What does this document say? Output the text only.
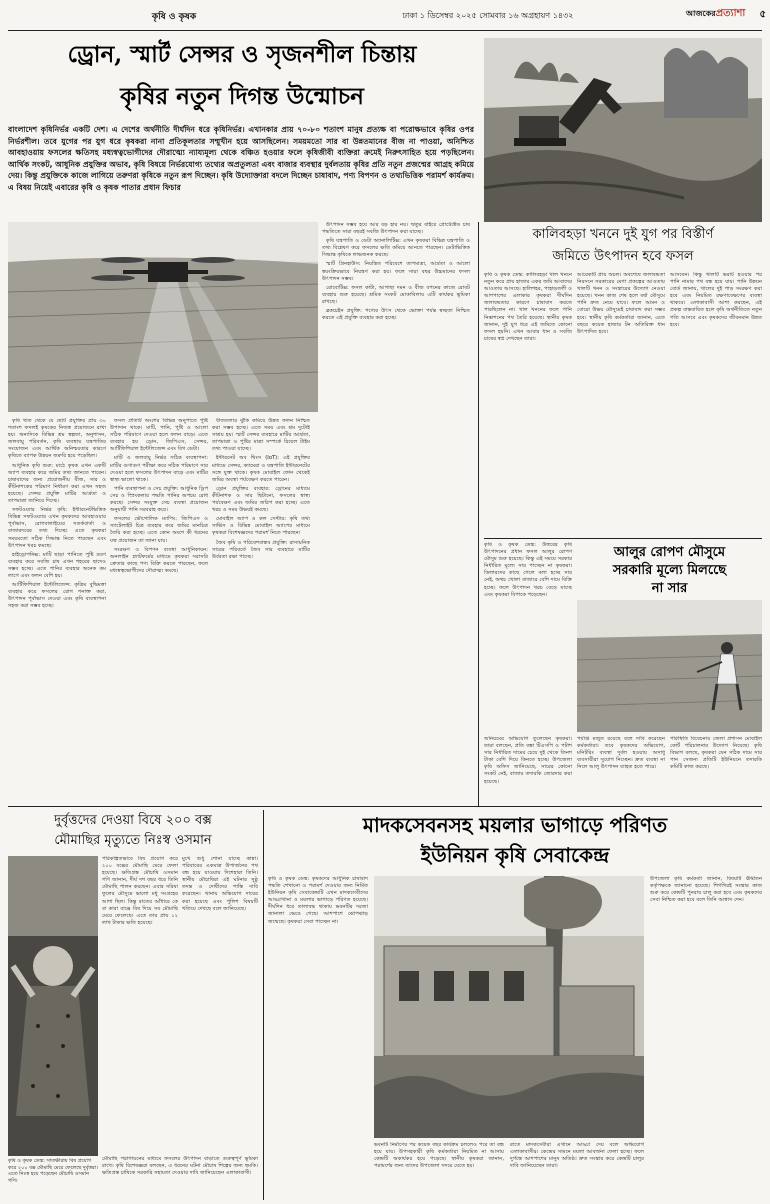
কৃষি ও কৃষক	ঢাকা ১ ডিসেম্বর ২০২৫ সোমবার ১৬ অগ্রহায়ণ ১৪৩২	আজকেরপ্রত্যাশা	৫
ড্রোন, স্মার্ট সেন্সর ও সৃজনশীল চিন্তায়
কৃষির নতুন দিগন্ত উন্মোচন
বাংলাদেশ কৃষিনির্ভর একটি দেশ। এ দেশের অর্থনীতি দীর্ঘদিন ধরে কৃষিনির্ভর। এখানকার প্রায় ৭০-৮০ শতাংশ মানুষ প্রত্যক্ষ বা পরোক্ষভাবে কৃষির ওপর নির্ভরশীল। তবে যুগের পর যুগ ধরে কৃষকরা নানা প্রতিকূলতার সম্মুখীন হয়ে আসছিলেন। সময়মতো সার বা উন্নতমানের বীজ না পাওয়া, অনিশ্চিত আবহাওয়ায় ফসলের ক্ষতিসহ মধ্যস্বত্বভোগীদের দৌরাত্ম্যে ন্যায্যমূল্য থেকে বঞ্চিত হওয়ার ফলে কৃষিজীবী ব্যক্তিরা ক্রমেই নিরুৎসাহিত হয়ে পড়ছিলেন। আর্থিক সংকট, আধুনিক প্রযুক্তির অভাব, কৃষি বিষয়ে নির্ভরযোগ্য তথ্যের অপ্রতুলতা এবং বাজার ব্যবস্থার দুর্বলতায় কৃষির প্রতি নতুন প্রজন্মের আগ্রহ কমিয়ে দেয়। কিন্তু প্রযুক্তিকে কাজে লাগিয়ে তরুণরা কৃষিকে নতুন রূপ দিচ্ছেন। কৃষি উদ্যোক্তারা বদলে দিচ্ছেন চাষাবাদ, পণ্য বিপণন ও তথ্যভিত্তিক পরামর্শ কার্যক্রম। এ বিষয় নিয়েই এবারের কৃষি ও কৃষক পাতার প্রধান ফিচার

কৃষি খাত থেকে যে ছোট প্রযুক্তির প্রায় ৩০ শতাংশ ফসলই কৃষকের নিজস্ব প্রয়োজনে রাখা হয়। অন্যদিকে বিভিন্ন শ্রম স্বল্পতা, অনুশাসন, জলবায়ু পরিবর্তন, কৃষি ব্যবস্থায় যন্ত্রপাতির সংযোজন এবং আর্থিক অনিশ্চয়তার কারণে কৃষিতে ব্যাপক উন্নয়ন জরুরি হয়ে পড়েছিল।

আধুনিক কৃষি শুরু: মাঠে কৃষক এখন একটি অ্যাপ ব্যবহার করে জমির তথ্য জানতে পারেন। চাষাবাদের জন্য প্রয়োজনীয় বীজ, সার ও কীটনাশকের পরিমাণ নির্ধারণ করা এখন সহজ হয়েছে। সেন্সর প্রযুক্তি মাটির আর্দ্রতা ও তাপমাত্রা জানিয়ে দিচ্ছে।

সফটওয়্যার নির্ভর কৃষি: ইন্টারনেটভিত্তিক বিভিন্ন সফটওয়্যার এখন কৃষকদের আবহাওয়ার পূর্বাভাস, রোগবালাইয়ের সতর্কবার্তা ও বাজারদরের তথ্য দিচ্ছে। এতে কৃষকরা সময়মতো সঠিক সিদ্ধান্ত নিতে পারছেন এবং উৎপাদন খরচ কমছে।

হাইড্রোপনিক্স: মাটি ছাড়া পানিতে পুষ্টি দ্রবণ ব্যবহার করে সবজি চাষ এখন শহরের ছাদেও সম্ভব হচ্ছে। এতে পানির ব্যবহার অনেক কম লাগে এবং ফলন বেশি হয়।

আর্টিফিশিয়াল ইন্টেলিজেন্স: কৃত্রিম বুদ্ধিমত্তা ব্যবহার করে ফসলের রোগ শনাক্ত করা, উৎপাদন পূর্বাভাস দেওয়া এবং কৃষি ব্যবস্থাপনা সহজ করা সম্ভব হচ্ছে।

ফসল প্রতিটি অংশের বিভিন্ন অনুপাতে পুষ্টি উপাদান থাকে। মাটি, পানি, পুষ্টি ও আলো সঠিক পরিমাণে দেওয়া হলে ফলন বাড়ে। এতে ব্যবহার হয় ড্রোন, জিপিএস, সেন্সর, আর্টিফিশিয়াল ইন্টেলিজেন্স এবং বিগ ডেটা।

মাটি ও জলবায়ু নির্ভর সঠিক ব্যবস্থাপনা: মাটির গুণাগুণ পরীক্ষা করে সঠিক পরিমাণে সার দেওয়া হলে ফসলের উৎপাদন বাড়ে এবং মাটির স্বাস্থ্য ভালো থাকে।

পানি ব্যবস্থাপনা ও সেচ প্রযুক্তি: আধুনিক ড্রিপ সেচ ও স্প্রিংকলার পদ্ধতি পানির অপচয় রোধ করছে। সেন্সর সংযুক্ত সেচ ব্যবস্থা প্রয়োজন অনুযায়ী পানি সরবরাহ করে।

ফসলের ভৌগোলিক ম্যাপিং: জিপিএস ও স্যাটেলাইট চিত্র ব্যবহার করে জমির মানচিত্র তৈরি করা হচ্ছে। এতে কোন অংশে কী ধরনের যত্ন প্রয়োজন তা জানা যায়।

সংরক্ষণ ও বিপণন ব্যবস্থা আধুনিকায়ন: অনলাইন প্ল্যাটফর্মের মাধ্যমে কৃষকরা সরাসরি ক্রেতার কাছে পণ্য বিক্রি করতে পারছেন, ফলে মধ্যস্বত্বভোগীদের দৌরাত্ম্য কমছে।

বীজতলার ঝুঁকি কমিয়ে উন্নত ফলন নিশ্চিত করা সম্ভব হচ্ছে। এতে সময় এবং শ্রম দুটোই সাশ্রয় হয়। স্মার্ট সেন্সর ব্যবহারে মাটির আর্দ্রতা, তাপমাত্রা ও পুষ্টির মাত্রা সম্পর্কে রিয়েল টাইম তথ্য পাওয়া যাচ্ছে।

ইন্টারনেট অব থিংস (IoT): এই প্রযুক্তির মাধ্যমে সেন্সর, ক্যামেরা ও যন্ত্রপাতি ইন্টারনেটের সঙ্গে যুক্ত থাকে। কৃষক মোবাইল ফোন থেকেই জমির অবস্থা পর্যবেক্ষণ করতে পারেন।

ড্রোন প্রযুক্তির ব্যবহার: ড্রোনের মাধ্যমে কীটনাশক ও সার ছিটানো, ফসলের স্বাস্থ্য পর্যবেক্ষণ এবং জমির জরিপ করা হচ্ছে। এতে খরচ ও সময় উভয়ই কমছে।

মোবাইল অ্যাপ ও কল সেন্টার: কৃষি তথ্য সার্ভিস ও বিভিন্ন মোবাইল অ্যাপের মাধ্যমে কৃষকরা বিশেষজ্ঞদের পরামর্শ নিতে পারছেন।

জৈব কৃষি ও পরিবেশবান্ধব প্রযুক্তি: রাসায়নিক সারের পরিবর্তে জৈব সার ব্যবহারে মাটির উর্বরতা রক্ষা পাচ্ছে।

উৎপাদন সম্ভব হয়ে আর বড় হার নয়। ঋতুর বাইরে প্রোটেক্টেড চাষ পদ্ধতিতে সারা বছরই সবজি উৎপাদন করা যাচ্ছে।

কৃষি যন্ত্রপাতি ও ডেটা অ্যানালিটিক্স: এখন কৃষকরা বিভিন্ন যন্ত্রপাতি ও তথ্য বিশ্লেষণ করে ফসলের ক্ষতি কমিয়ে আনতে পারছেন। ডেটাভিত্তিক সিদ্ধান্ত কৃষিকে লাভজনক করছে।

স্মার্ট গ্রিনহাউস: নিয়ন্ত্রিত পরিবেশে তাপমাত্রা, আর্দ্রতা ও আলো স্বয়ংক্রিয়ভাবে নিয়ন্ত্রণ করা হয়। ফলে সারা বছর উচ্চমানের ফসল উৎপাদন সম্ভব।

রোবোটিক্স: ফসল কাটা, আগাছা দমন ও বীজ বপনের কাজে রোবট ব্যবহার শুরু হয়েছে। শ্রমিক সংকট মোকাবিলায় এটি কার্যকর ভূমিকা রাখছে।

ব্লকচেইন প্রযুক্তি: পণ্যের উৎস থেকে ভোক্তা পর্যন্ত স্বচ্ছতা নিশ্চিত করতে এই প্রযুক্তি ব্যবহার করা হচ্ছে।

কালিবহড়া খননে দুই যুগ পর বিস্তীর্ণ
জমিতে উৎপাদন হবে ফসল
কৃষি ও কৃষক ডেস্ক: কালিবহড়া খাল খননে নতুন করে প্রায় হাজার একর জমি আবাদের আওতায় আসছে। হালিশহর, পাহাড়তলী ও আশপাশের এলাকার কৃষকরা দীর্ঘদিন জলাবদ্ধতার কারণে চাষাবাদ করতে পারছিলেন না। খাল খননের ফলে পানি নিষ্কাশনের পথ তৈরি হয়েছে। স্থানীয় কৃষক জানান, দুই যুগ ধরে এই জমিতে কোনো ফসল হয়নি। এখন আবার ধান ও সবজি চাষের স্বপ্ন দেখছেন তারা।
আরেকটি প্রায় অচল। অবশেষে জলাবদ্ধতা নিরসনে সরকারের মেগা প্রকল্পের আওতায় খালটি খনন ও সংস্কারের উদ্যোগ নেওয়া হয়েছে। খনন কাজ শেষ হলে বর্ষা মৌসুমে পানি দ্রুত নেমে যাবে। ফলে আমন ও বোরো উভয় মৌসুমেই চাষাবাদ করা সম্ভব হবে। স্থানীয় কৃষি কর্মকর্তারা জানান, এতে বছরে কয়েক হাজার টন অতিরিক্ত ধান উৎপাদিত হবে।
আসবেন। কিন্তু খালটি ভরাট হওয়ার পর পানি নামার পথ বন্ধ হয়ে যায়। পানি উন্নয়ন বোর্ড জানায়, খালের দুই পাড় সংরক্ষণ করা হবে এবং নিয়মিত রক্ষণাবেক্ষণের ব্যবস্থা থাকবে। এলাকাবাসী আশা করছেন, এই প্রকল্প বাস্তবায়িত হলে কৃষি অর্থনীতিতে নতুন গতি আসবে এবং কৃষকদের জীবনমান উন্নত হবে।
কৃষি ও কৃষক ডেস্ক: উত্তরের কৃষি উৎপাদনের প্রধান ফসল আলুর রোপণ মৌসুম শুরু হয়েছে। কিন্তু এই সময়ে সরকার নির্ধারিত মূল্যে সার পাচ্ছেন না কৃষকরা। ডিলারদের কাছে গেলে বলা হচ্ছে সার নেই, অথচ খোলা বাজারে বেশি দামে বিক্রি হচ্ছে। ফলে উৎপাদন খরচ বেড়ে যাচ্ছে এবং কৃষকরা বিপাকে পড়েছেন।
আলুর রোপণ মৌসুমে
সরকারি মূল্যে মিলছেে
না সার
অনিয়মের অভিযোগ তুলেছেন কৃষকরা। তারা বলছেন, প্রতি বস্তা টিএসপি ও পটাশ সার নির্ধারিত দামের চেয়ে দুই থেকে তিনশ টাকা বেশি দিয়ে কিনতে হচ্ছে। উপজেলা কৃষি অফিস জানিয়েছে, সারের কোনো সংকট নেই, বাজার তদারকি জোরদার করা হয়েছে।
পর্যাপ্ত মজুত রয়েছে বলে দাবি করেছেন কর্মকর্তারা। তবে কৃষকদের অভিযোগ, মনিটরিং ব্যবস্থা দুর্বল হওয়ায় অসাধু ব্যবসায়ীরা সুযোগ নিচ্ছেন। দ্রুত ব্যবস্থা না নিলে আলু উৎপাদন ব্যাহত হতে পারে।
পরিস্থিতি বিবেচনায় জেলা প্রশাসন মোবাইল কোর্ট পরিচালনার উদ্যোগ নিয়েছে। কৃষি বিভাগ বলছে, কৃষকরা যেন সঠিক দামে সার পান সেজন্য প্রতিটি ইউনিয়নে তদারকি কমিটি কাজ করছে।
দুর্বৃত্তদের দেওয়া বিষে ২০০ বক্স
মৌমাছির মৃত্যুতে নিঃস্ব ওসমান
কৃষি ও কৃষক ডেস্ক: সাতক্ষীরায় বিষ প্রয়োগ করে ২০০ বক্স মৌমাছি মেরে ফেলেছে দুর্বৃত্তরা। এতে নিঃস্ব হয়ে পড়েছেন মৌচাষি ওসমান গণি।
পরিকল্পিতভাবে বিষ প্রয়োগ করে ২০০ বক্সের মৌমাছি মেরে ফেলা হয়েছে। ক্ষতিগ্রস্ত মৌচাষি ওসমান গণি জানান, দীর্ঘ দশ বছর ধরে তিনি মৌমাছি পালন করছেন। এবার সরিষা ফুলের মৌসুমে ভালো মধু সংগ্রহের আশা ছিল। কিন্তু রাতের আঁধারে কে বা কারা বাক্সে বিষ দিয়ে সব মৌমাছি মেরে ফেলেছে। এতে তার প্রায় ১২ লাখ টাকার ক্ষতি হয়েছে।
মুখে শুধু শোনা যাচ্ছে কান্না। পরিবারের একমাত্র উপার্জনের পথ বন্ধ হয়ে যাওয়ায় দিশেহারা তিনি। স্থানীয় মৌচাষিরা এই ঘটনার সুষ্ঠু তদন্ত ও দোষীদের শাস্তি দাবি করেছেন। থানায় অভিযোগ দায়ের করা হয়েছে এবং পুলিশ বিষয়টি খতিয়ে দেখছে বলে জানিয়েছে।
মৌমাছি পরাগায়নের মাধ্যমে ফসলের উৎপাদন বাড়াতে গুরুত্বপূর্ণ ভূমিকা রাখে। কৃষি বিশেষজ্ঞরা বলছেন, এ ধরনের ঘটনা মৌচাষ শিল্পের জন্য হুমকি। ক্ষতিগ্রস্ত চাষিকে সরকারি সহায়তা দেওয়ার দাবি জানিয়েছেন এলাকাবাসী।
মাদকসেবনসহ ময়লার ভাগাড়ে পরিণত
ইউনিয়ন কৃষি সেবাকেন্দ্র
কৃষি ও কৃষক ডেস্ক: কৃষকদের আধুনিক চাষাবাদ পদ্ধতি শেখানো ও পরামর্শ দেওয়ার জন্য নির্মিত ইউনিয়ন কৃষি সেবাকেন্দ্রটি এখন মাদকসেবীদের আড্ডাখানা ও ময়লার ভাগাড়ে পরিণত হয়েছে। দীর্ঘদিন ধরে তালাবদ্ধ থাকায় ভবনটির দরজা জানালা ভেঙে গেছে। আশপাশে ঝোপঝাড় জন্মেছে। কৃষকরা সেবা পাচ্ছেন না।
ভবনটি নির্মাণের পর কয়েক বছর কার্যক্রম চললেও পরে তা বন্ধ হয়ে যায়। উপসহকারী কৃষি কর্মকর্তারা নিয়মিত না আসায় কেন্দ্রটি অকার্যকর হয়ে পড়েছে। স্থানীয় কৃষকরা জানান, পরামর্শের জন্য তাদের উপজেলা সদরে যেতে হয়।
রাতে মাদকসেবীরা এখানে আড্ডা দেয় বলে অভিযোগ এলাকাবাসীর। কেন্দ্রের সামনে ময়লা আবর্জনা ফেলা হচ্ছে। ফলে দুর্গন্ধে আশপাশের মানুষ অতিষ্ঠ। দ্রুত সংস্কার করে কেন্দ্রটি চালুর দাবি জানিয়েছেন তারা।
উপজেলা কৃষি কর্মকর্তা জানান, বিষয়টি ঊর্ধ্বতন কর্তৃপক্ষকে জানানো হয়েছে। শিগগিরই সংস্কার কাজ শুরু করে কেন্দ্রটি পুনরায় চালু করা হবে এবং কৃষকদের সেবা নিশ্চিত করা হবে বলে তিনি আশ্বাস দেন।
